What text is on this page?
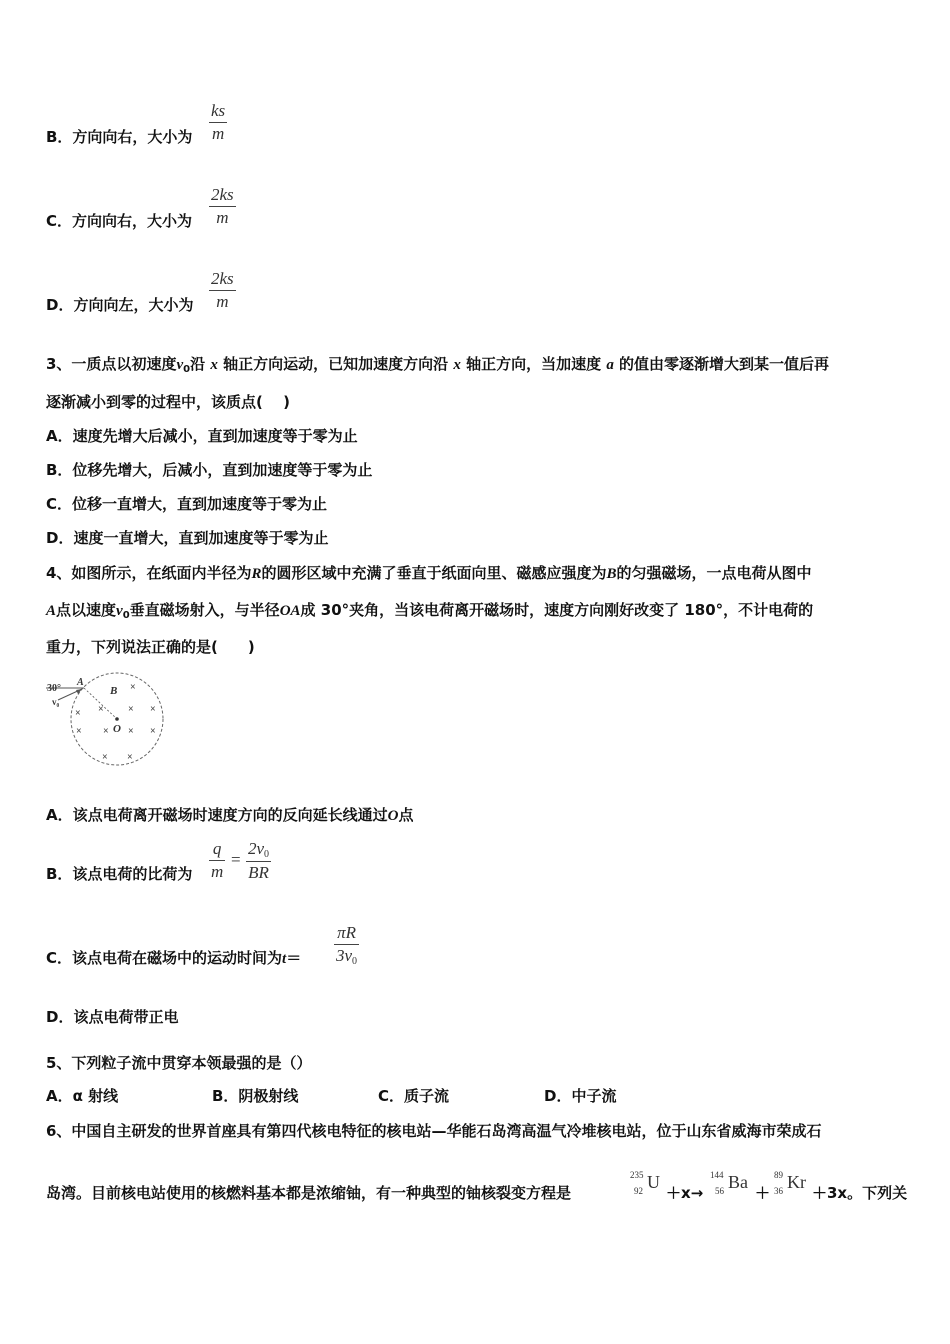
B．方向向右，大小为
ks
m
C．方向向右，大小为
2ks
m
D．方向向左，大小为
2ks
m
3、一质点以初速度$v_0$沿 x 轴正方向运动，已知加速度方向沿 x 轴正方向，当加速度 a 的值由零逐渐增大到某一值后再
逐渐减小到零的过程中，该质点(　 )
A．速度先增大后减小，直到加速度等于零为止
B．位移先增大，后减小，直到加速度等于零为止
C．位移一直增大，直到加速度等于零为止
D．速度一直增大，直到加速度等于零为止
4、如图所示，在纸面内半径为R的圆形区域中充满了垂直于纸面向里、磁感应强度为B的匀强磁场，一点电荷从图中
A点以速度$v_0$垂直磁场射入，与半径OA成 30°夹角，当该电荷离开磁场时，速度方向刚好改变了 180°，不计电荷的
重力，下列说法正确的是(　　)
30°
A
B
v₀
O
×
× × ×
×
× × ×
×
× ×
A．该点电荷离开磁场时速度方向的反向延长线通过O点
B．该点电荷的比荷为
q
m
=
$2v_0$
BR
C．该点电荷在磁场中的运动时间为t＝
πR
$3v_0$
D．该点电荷带正电
5、下列粒子流中贯穿本领最强的是（）
A．α 射线	B．阴极射线	C．质子流	D．中子流
6、中国自主研发的世界首座具有第四代核电特征的核电站—华能石岛湾高温气冷堆核电站，位于山东省威海市荣成石
岛湾。目前核电站使用的核燃料基本都是浓缩铀，有一种典型的铀核裂变方程是
235
92 U
＋x→
144
56 Ba
＋
89
36 Kr
＋3x。下列关
